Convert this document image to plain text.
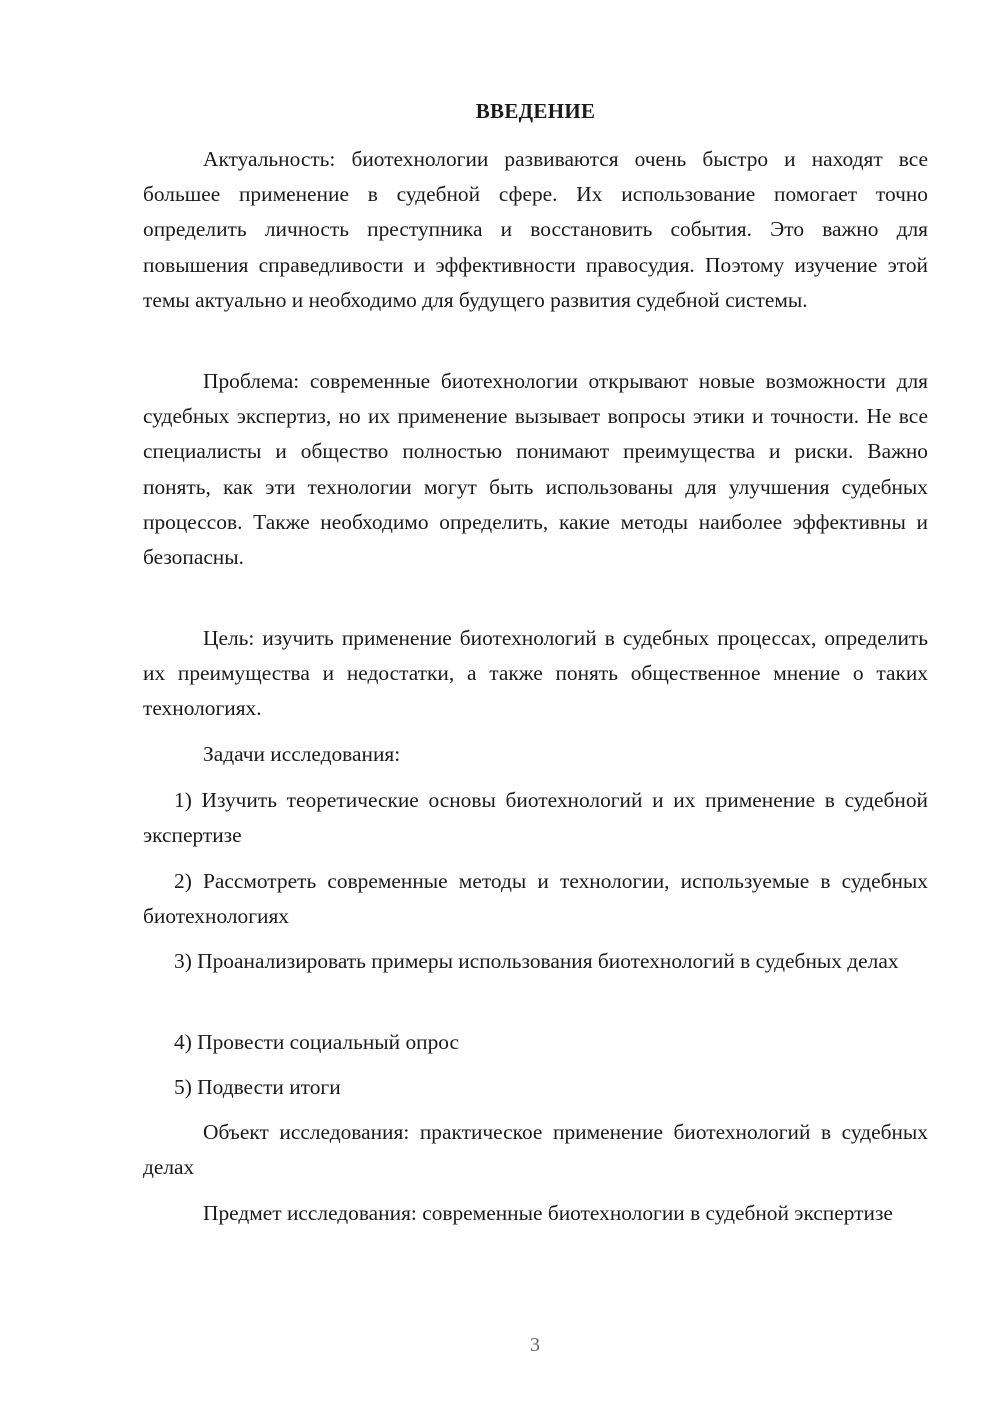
ВВЕДЕНИЕ

Актуальность: биотехнологии развиваются очень быстро и находят все большее применение в судебной сфере. Их использование помогает точно определить личность преступника и восстановить события. Это важно для повышения справедливости и эффективности правосудия. Поэтому изучение этой темы актуально и необходимо для будущего развития судебной системы.

Проблема: современные биотехнологии открывают новые возможности для судебных экспертиз, но их применение вызывает вопросы этики и точности. Не все специалисты и общество полностью понимают преимущества и риски. Важно понять, как эти технологии могут быть использованы для улучшения судебных процессов. Также необходимо определить, какие методы наиболее эффективны и безопасны.

Цель: изучить применение биотехнологий в судебных процессах, определить их преимущества и недостатки, а также понять общественное мнение о таких технологиях.

Задачи исследования:

1) Изучить теоретические основы биотехнологий и их применение в судебной экспертизе

2) Рассмотреть современные методы и технологии, используемые в судебных биотехнологиях

3) Проанализировать примеры использования биотехнологий в судебных делах

4) Провести социальный опрос

5) Подвести итоги

Объект исследования: практическое применение биотехнологий в судебных делах

Предмет исследования: современные биотехнологии в судебной экспертизе

3
